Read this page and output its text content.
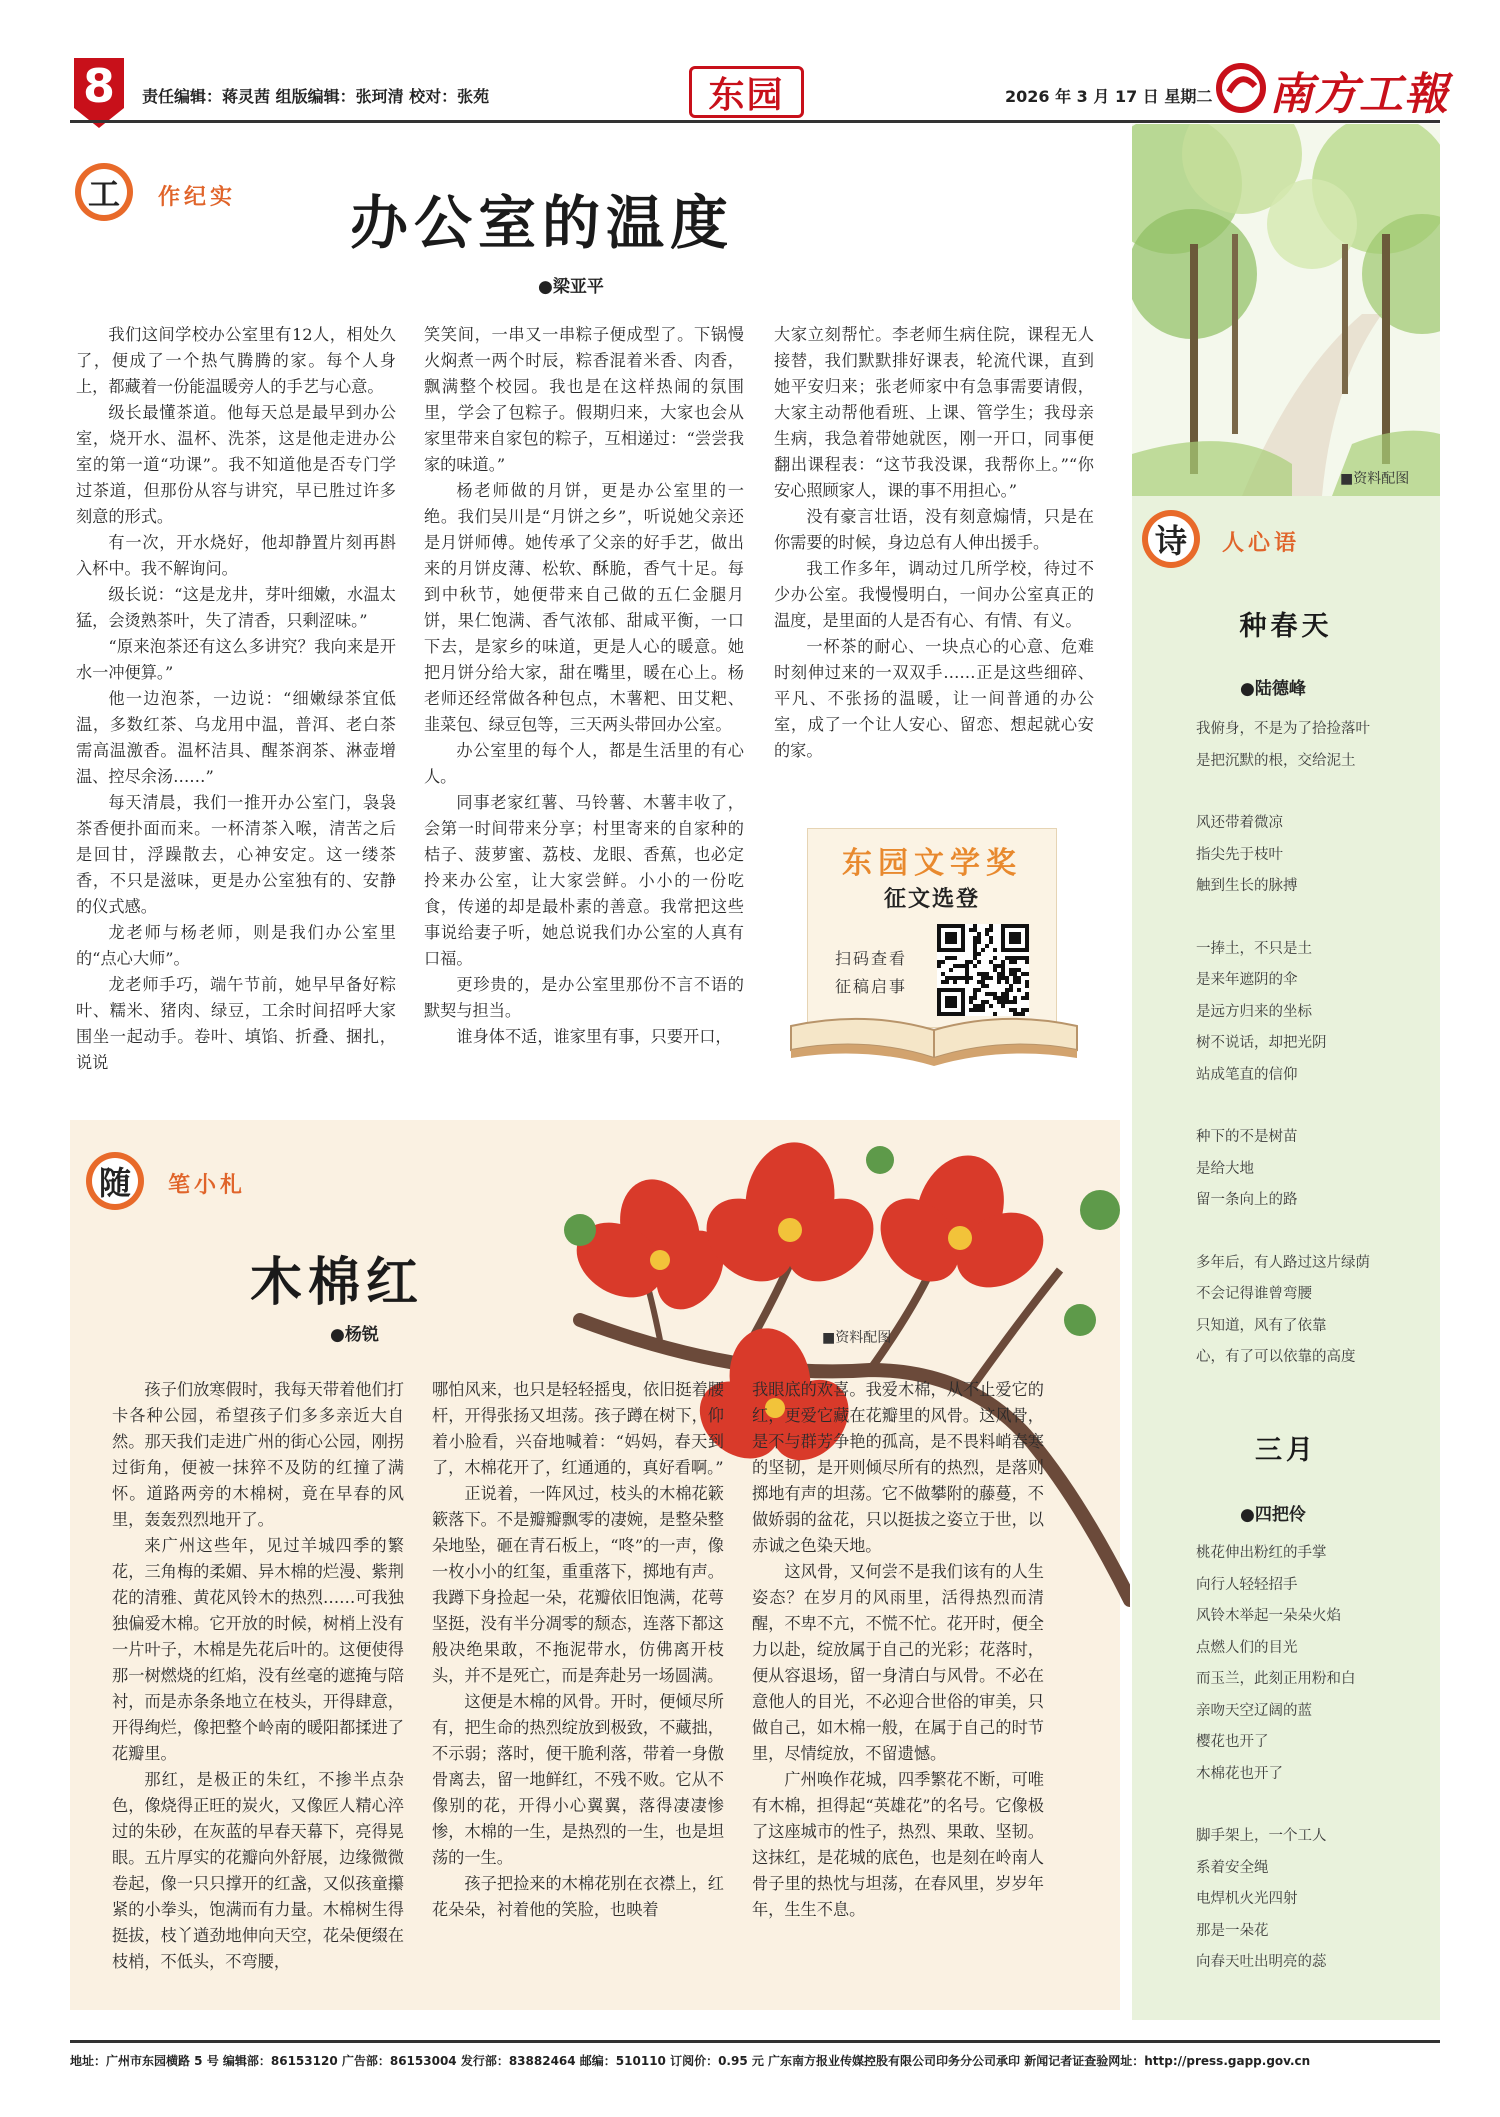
8	责任编辑：蒋灵茜 组版编辑：张珂清 校对：张苑	东园	2026 年 3 月 17 日 星期二 南方工報
工	作纪实 办公室的温度
●梁亚平

我们这间学校办公室里有12人，相处久了，便成了一个热气腾腾的家。每个人身上，都藏着一份能温暖旁人的手艺与心意。

级长最懂茶道。他每天总是最早到办公室，烧开水、温杯、洗茶，这是他走进办公室的第一道“功课”。我不知道他是否专门学过茶道，但那份从容与讲究，早已胜过许多刻意的形式。

有一次，开水烧好，他却静置片刻再斟入杯中。我不解询问。

级长说：“这是龙井，芽叶细嫩，水温太猛，会烫熟茶叶，失了清香，只剩涩味。”

“原来泡茶还有这么多讲究？我向来是开水一冲便算。”

他一边泡茶，一边说：“细嫩绿茶宜低温，多数红茶、乌龙用中温，普洱、老白茶需高温激香。温杯洁具、醒茶润茶、淋壶增温、控尽余汤……”

每天清晨，我们一推开办公室门，袅袅茶香便扑面而来。一杯清茶入喉，清苦之后是回甘，浮躁散去，心神安定。这一缕茶香，不只是滋味，更是办公室独有的、安静的仪式感。

龙老师与杨老师，则是我们办公室里的“点心大师”。

龙老师手巧，端午节前，她早早备好粽叶、糯米、猪肉、绿豆，工余时间招呼大家围坐一起动手。卷叶、填馅、折叠、捆扎，说说

笑笑间，一串又一串粽子便成型了。下锅慢火焖煮一两个时辰，粽香混着米香、肉香，飘满整个校园。我也是在这样热闹的氛围里，学会了包粽子。假期归来，大家也会从家里带来自家包的粽子，互相递过：“尝尝我家的味道。”

杨老师做的月饼，更是办公室里的一绝。我们吴川是“月饼之乡”，听说她父亲还是月饼师傅。她传承了父亲的好手艺，做出来的月饼皮薄、松软、酥脆，香气十足。每到中秋节，她便带来自己做的五仁金腿月饼，果仁饱满、香气浓郁、甜咸平衡，一口下去，是家乡的味道，更是人心的暖意。她把月饼分给大家，甜在嘴里，暖在心上。杨老师还经常做各种包点，木薯粑、田艾粑、韭菜包、绿豆包等，三天两头带回办公室。

办公室里的每个人，都是生活里的有心人。

同事老家红薯、马铃薯、木薯丰收了，会第一时间带来分享；村里寄来的自家种的桔子、菠萝蜜、荔枝、龙眼、香蕉，也必定拎来办公室，让大家尝鲜。小小的一份吃食，传递的却是最朴素的善意。我常把这些事说给妻子听，她总说我们办公室的人真有口福。

更珍贵的，是办公室里那份不言不语的默契与担当。

谁身体不适，谁家里有事，只要开口，

大家立刻帮忙。李老师生病住院，课程无人接替，我们默默排好课表，轮流代课，直到她平安归来；张老师家中有急事需要请假，大家主动帮他看班、上课、管学生；我母亲生病，我急着带她就医，刚一开口，同事便翻出课程表：“这节我没课，我帮你上。”“你安心照顾家人，课的事不用担心。”

没有豪言壮语，没有刻意煽情，只是在你需要的时候，身边总有人伸出援手。

我工作多年，调动过几所学校，待过不少办公室。我慢慢明白，一间办公室真正的温度，是里面的人是否有心、有情、有义。

一杯茶的耐心、一块点心的心意、危难时刻伸过来的一双双手……正是这些细碎、平凡、不张扬的温暖，让一间普通的办公室，成了一个让人安心、留恋、想起就心安的家。

东园文学奖
征文选登
扫码查看
征稿启事
■资料配图
诗	人心语
种春天
●陆德峰
我俯身，不是为了拾捡落叶
是把沉默的根，交给泥土
风还带着微凉
指尖先于枝叶
触到生长的脉搏
一捧土，不只是土
是来年遮阴的伞
是远方归来的坐标
树不说话，却把光阴
站成笔直的信仰
种下的不是树苗
是给大地
留一条向上的路
多年后，有人路过这片绿荫
不会记得谁曾弯腰
只知道，风有了依靠
心，有了可以依靠的高度
三月
●四把伶
桃花伸出粉红的手掌
向行人轻轻招手
风铃木举起一朵朵火焰
点燃人们的目光
而玉兰，此刻正用粉和白
亲吻天空辽阔的蓝
樱花也开了
木棉花也开了
脚手架上，一个工人
系着安全绳
电焊机火光四射
那是一朵花
向春天吐出明亮的蕊
■资料配图
随	笔小札
木棉红
●杨锐

孩子们放寒假时，我每天带着他们打卡各种公园，希望孩子们多多亲近大自然。那天我们走进广州的街心公园，刚拐过街角，便被一抹猝不及防的红撞了满怀。道路两旁的木棉树，竟在早春的风里，轰轰烈烈地开了。

来广州这些年，见过羊城四季的繁花，三角梅的柔媚、异木棉的烂漫、紫荆花的清雅、黄花风铃木的热烈……可我独独偏爱木棉。它开放的时候，树梢上没有一片叶子，木棉是先花后叶的。这便使得那一树燃烧的红焰，没有丝毫的遮掩与陪衬，而是赤条条地立在枝头，开得肆意，开得绚烂，像把整个岭南的暖阳都揉进了花瓣里。

那红，是极正的朱红，不掺半点杂色，像烧得正旺的炭火，又像匠人精心淬过的朱砂，在灰蓝的早春天幕下，亮得晃眼。五片厚实的花瓣向外舒展，边缘微微卷起，像一只只撑开的红盏，又似孩童攥紧的小拳头，饱满而有力量。木棉树生得挺拔，枝丫遒劲地伸向天空，花朵便缀在枝梢，不低头，不弯腰，

哪怕风来，也只是轻轻摇曳，依旧挺着腰杆，开得张扬又坦荡。孩子蹲在树下，仰着小脸看，兴奋地喊着：“妈妈，春天到了，木棉花开了，红通通的，真好看啊。”

正说着，一阵风过，枝头的木棉花簌簌落下。不是瓣瓣飘零的凄婉，是整朵整朵地坠，砸在青石板上，“咚”的一声，像一枚小小的红玺，重重落下，掷地有声。我蹲下身捡起一朵，花瓣依旧饱满，花萼坚挺，没有半分凋零的颓态，连落下都这般决绝果敢，不拖泥带水，仿佛离开枝头，并不是死亡，而是奔赴另一场圆满。

这便是木棉的风骨。开时，便倾尽所有，把生命的热烈绽放到极致，不藏拙，不示弱；落时，便干脆利落，带着一身傲骨离去，留一地鲜红，不残不败。它从不像别的花，开得小心翼翼，落得凄凄惨惨，木棉的一生，是热烈的一生，也是坦荡的一生。

孩子把捡来的木棉花别在衣襟上，红花朵朵，衬着他的笑脸，也映着

我眼底的欢喜。我爱木棉，从不止爱它的红，更爱它藏在花瓣里的风骨。这风骨，是不与群芳争艳的孤高，是不畏料峭春寒的坚韧，是开则倾尽所有的热烈，是落则掷地有声的坦荡。它不做攀附的藤蔓，不做娇弱的盆花，只以挺拔之姿立于世，以赤诚之色染天地。

这风骨，又何尝不是我们该有的人生姿态？在岁月的风雨里，活得热烈而清醒，不卑不亢，不慌不忙。花开时，便全力以赴，绽放属于自己的光彩；花落时，便从容退场，留一身清白与风骨。不必在意他人的目光，不必迎合世俗的审美，只做自己，如木棉一般，在属于自己的时节里，尽情绽放，不留遗憾。

广州唤作花城，四季繁花不断，可唯有木棉，担得起“英雄花”的名号。它像极了这座城市的性子，热烈、果敢、坚韧。这抹红，是花城的底色，也是刻在岭南人骨子里的热忱与坦荡，在春风里，岁岁年年，生生不息。

地址：广州市东园横路 5 号 编辑部：86153120 广告部：86153004 发行部：83882464 邮编：510110 订阅价：0.95 元 广东南方报业传媒控股有限公司印务分公司承印 新闻记者证查验网址：http://press.gapp.gov.cn
